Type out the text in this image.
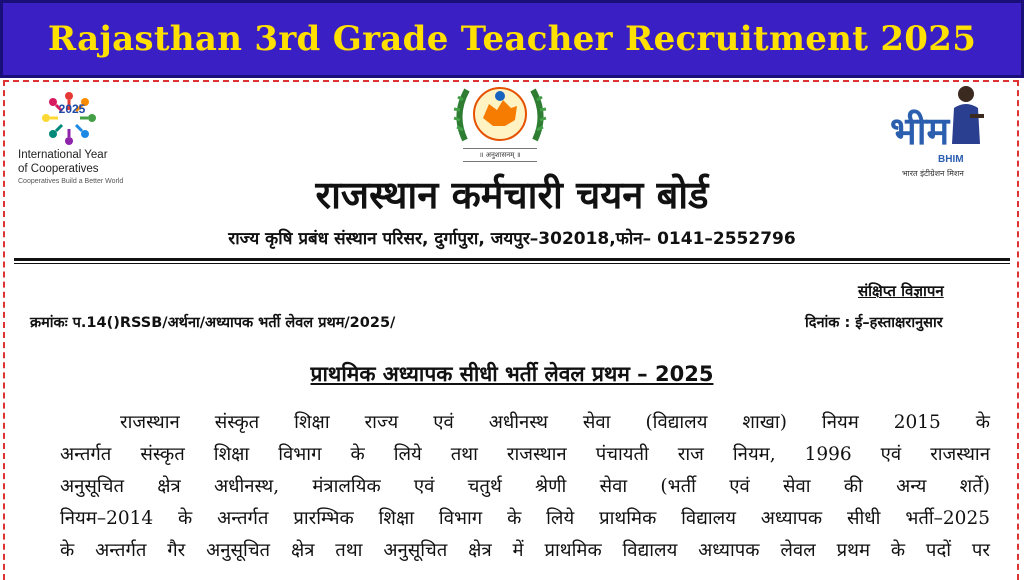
Rajasthan 3rd Grade Teacher Recruitment 2025
2025
International Year
of Cooperatives
Cooperatives Build a Better World
॥ अनुशासनम् ॥
भीम
BHIM
भारत इंटीग्रेशन मिशन
राजस्थान कर्मचारी चयन बोर्ड
राज्य कृषि प्रबंध संस्थान परिसर, दुर्गापुरा, जयपुर–302018,फोन– 0141–2552796
संक्षिप्त विज्ञापन
क्रमांकः प.14()RSSB/अर्थना/अध्यापक भर्ती लेवल प्रथम/2025/	दिनांक : ई–हस्ताक्षरानुसार
प्राथमिक अध्यापक सीधी भर्ती लेवल प्रथम – 2025
राजस्थान संस्कृत शिक्षा राज्य एवं अधीनस्थ सेवा (विद्यालय शाखा) नियम 2015 के
अन्तर्गत संस्कृत शिक्षा विभाग के लिये तथा राजस्थान पंचायती राज नियम, 1996 एवं राजस्थान
अनुसूचित क्षेत्र अधीनस्थ, मंत्रालयिक एवं चतुर्थ श्रेणी सेवा (भर्ती एवं सेवा की अन्य शर्ते)
नियम–2014 के अन्तर्गत प्रारम्भिक शिक्षा विभाग के लिये प्राथमिक विद्यालय अध्यापक सीधी भर्ती–2025
के अन्तर्गत गैर अनुसूचित क्षेत्र तथा अनुसूचित क्षेत्र में प्राथमिक विद्यालय अध्यापक लेवल प्रथम के पदों पर
